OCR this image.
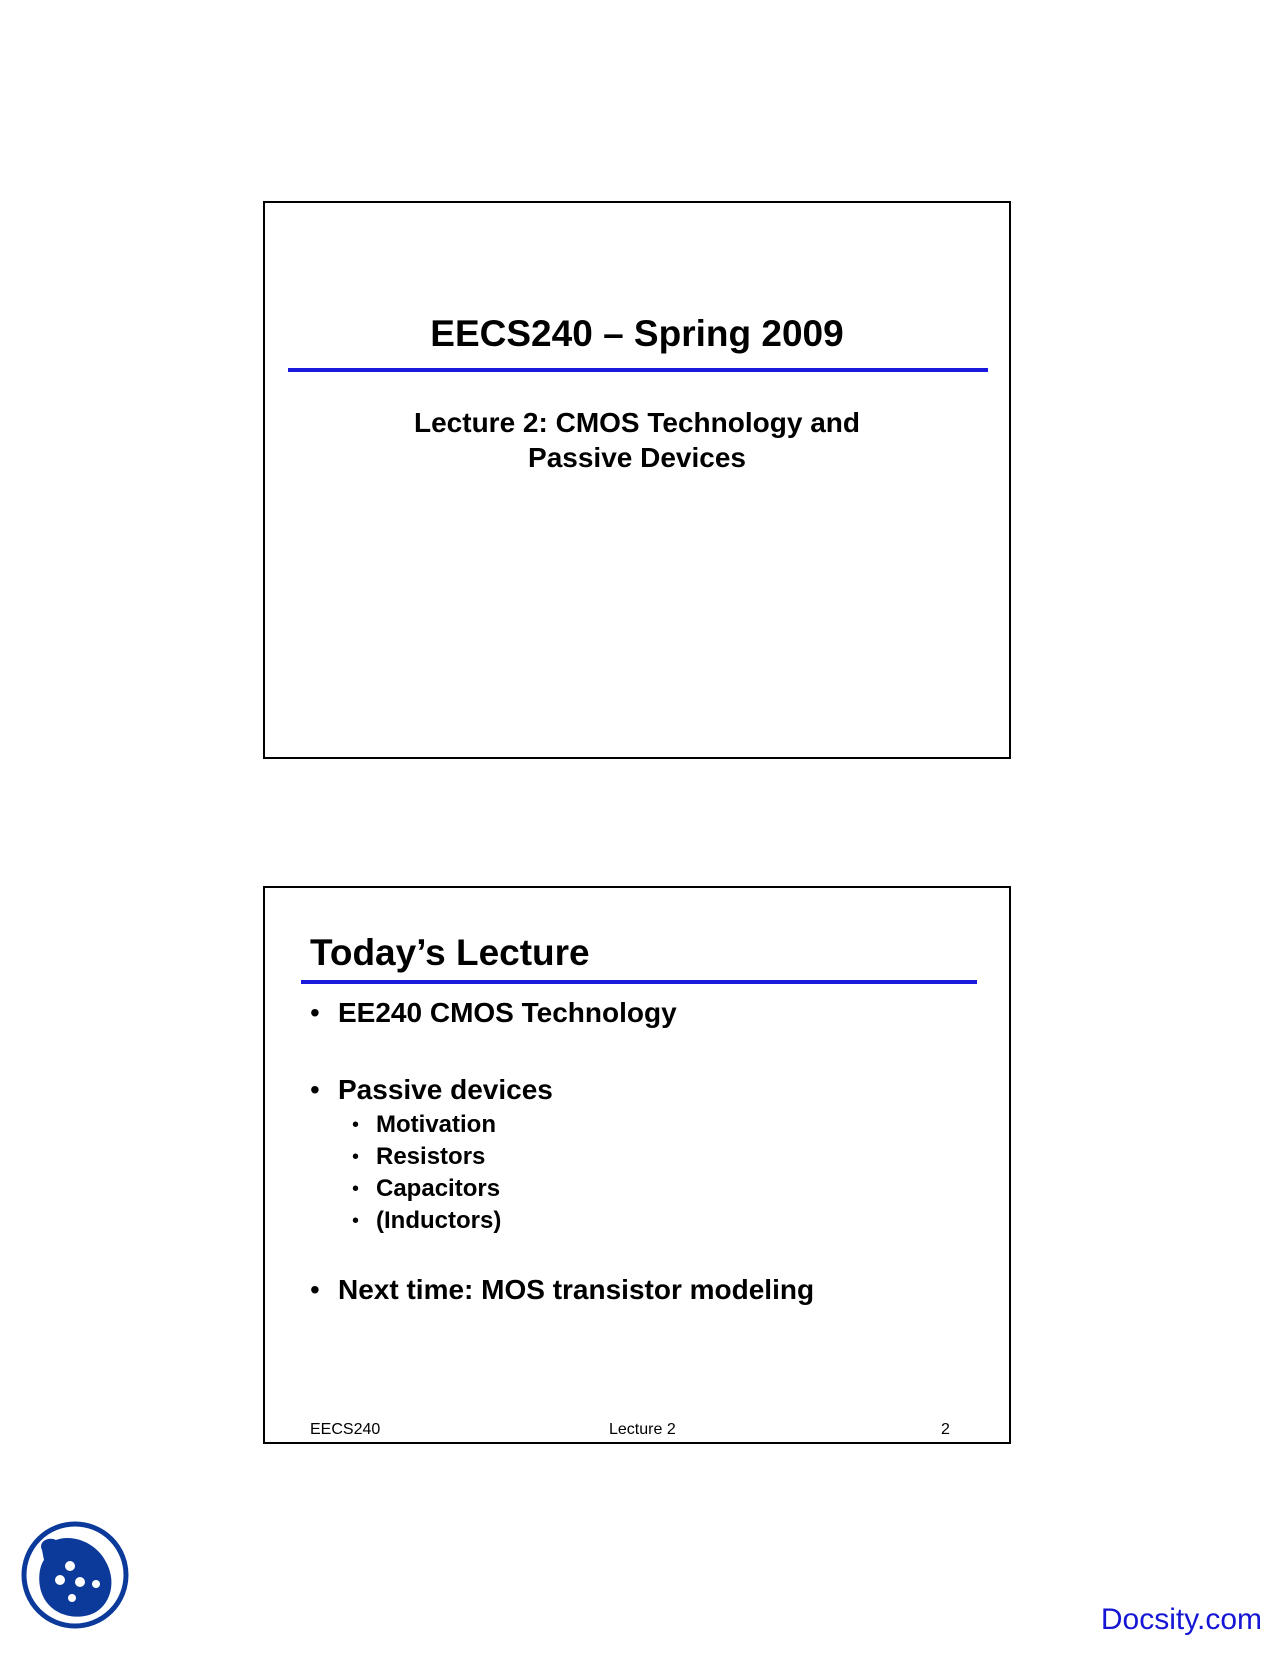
EECS240 – Spring 2009
Lecture 2: CMOS Technology and
Passive Devices
Today’s Lecture
• EE240 CMOS Technology
• Passive devices
• Motivation
• Resistors
• Capacitors
• (Inductors)
• Next time: MOS transistor modeling
EECS240	Lecture 2	2
Docsity.com
